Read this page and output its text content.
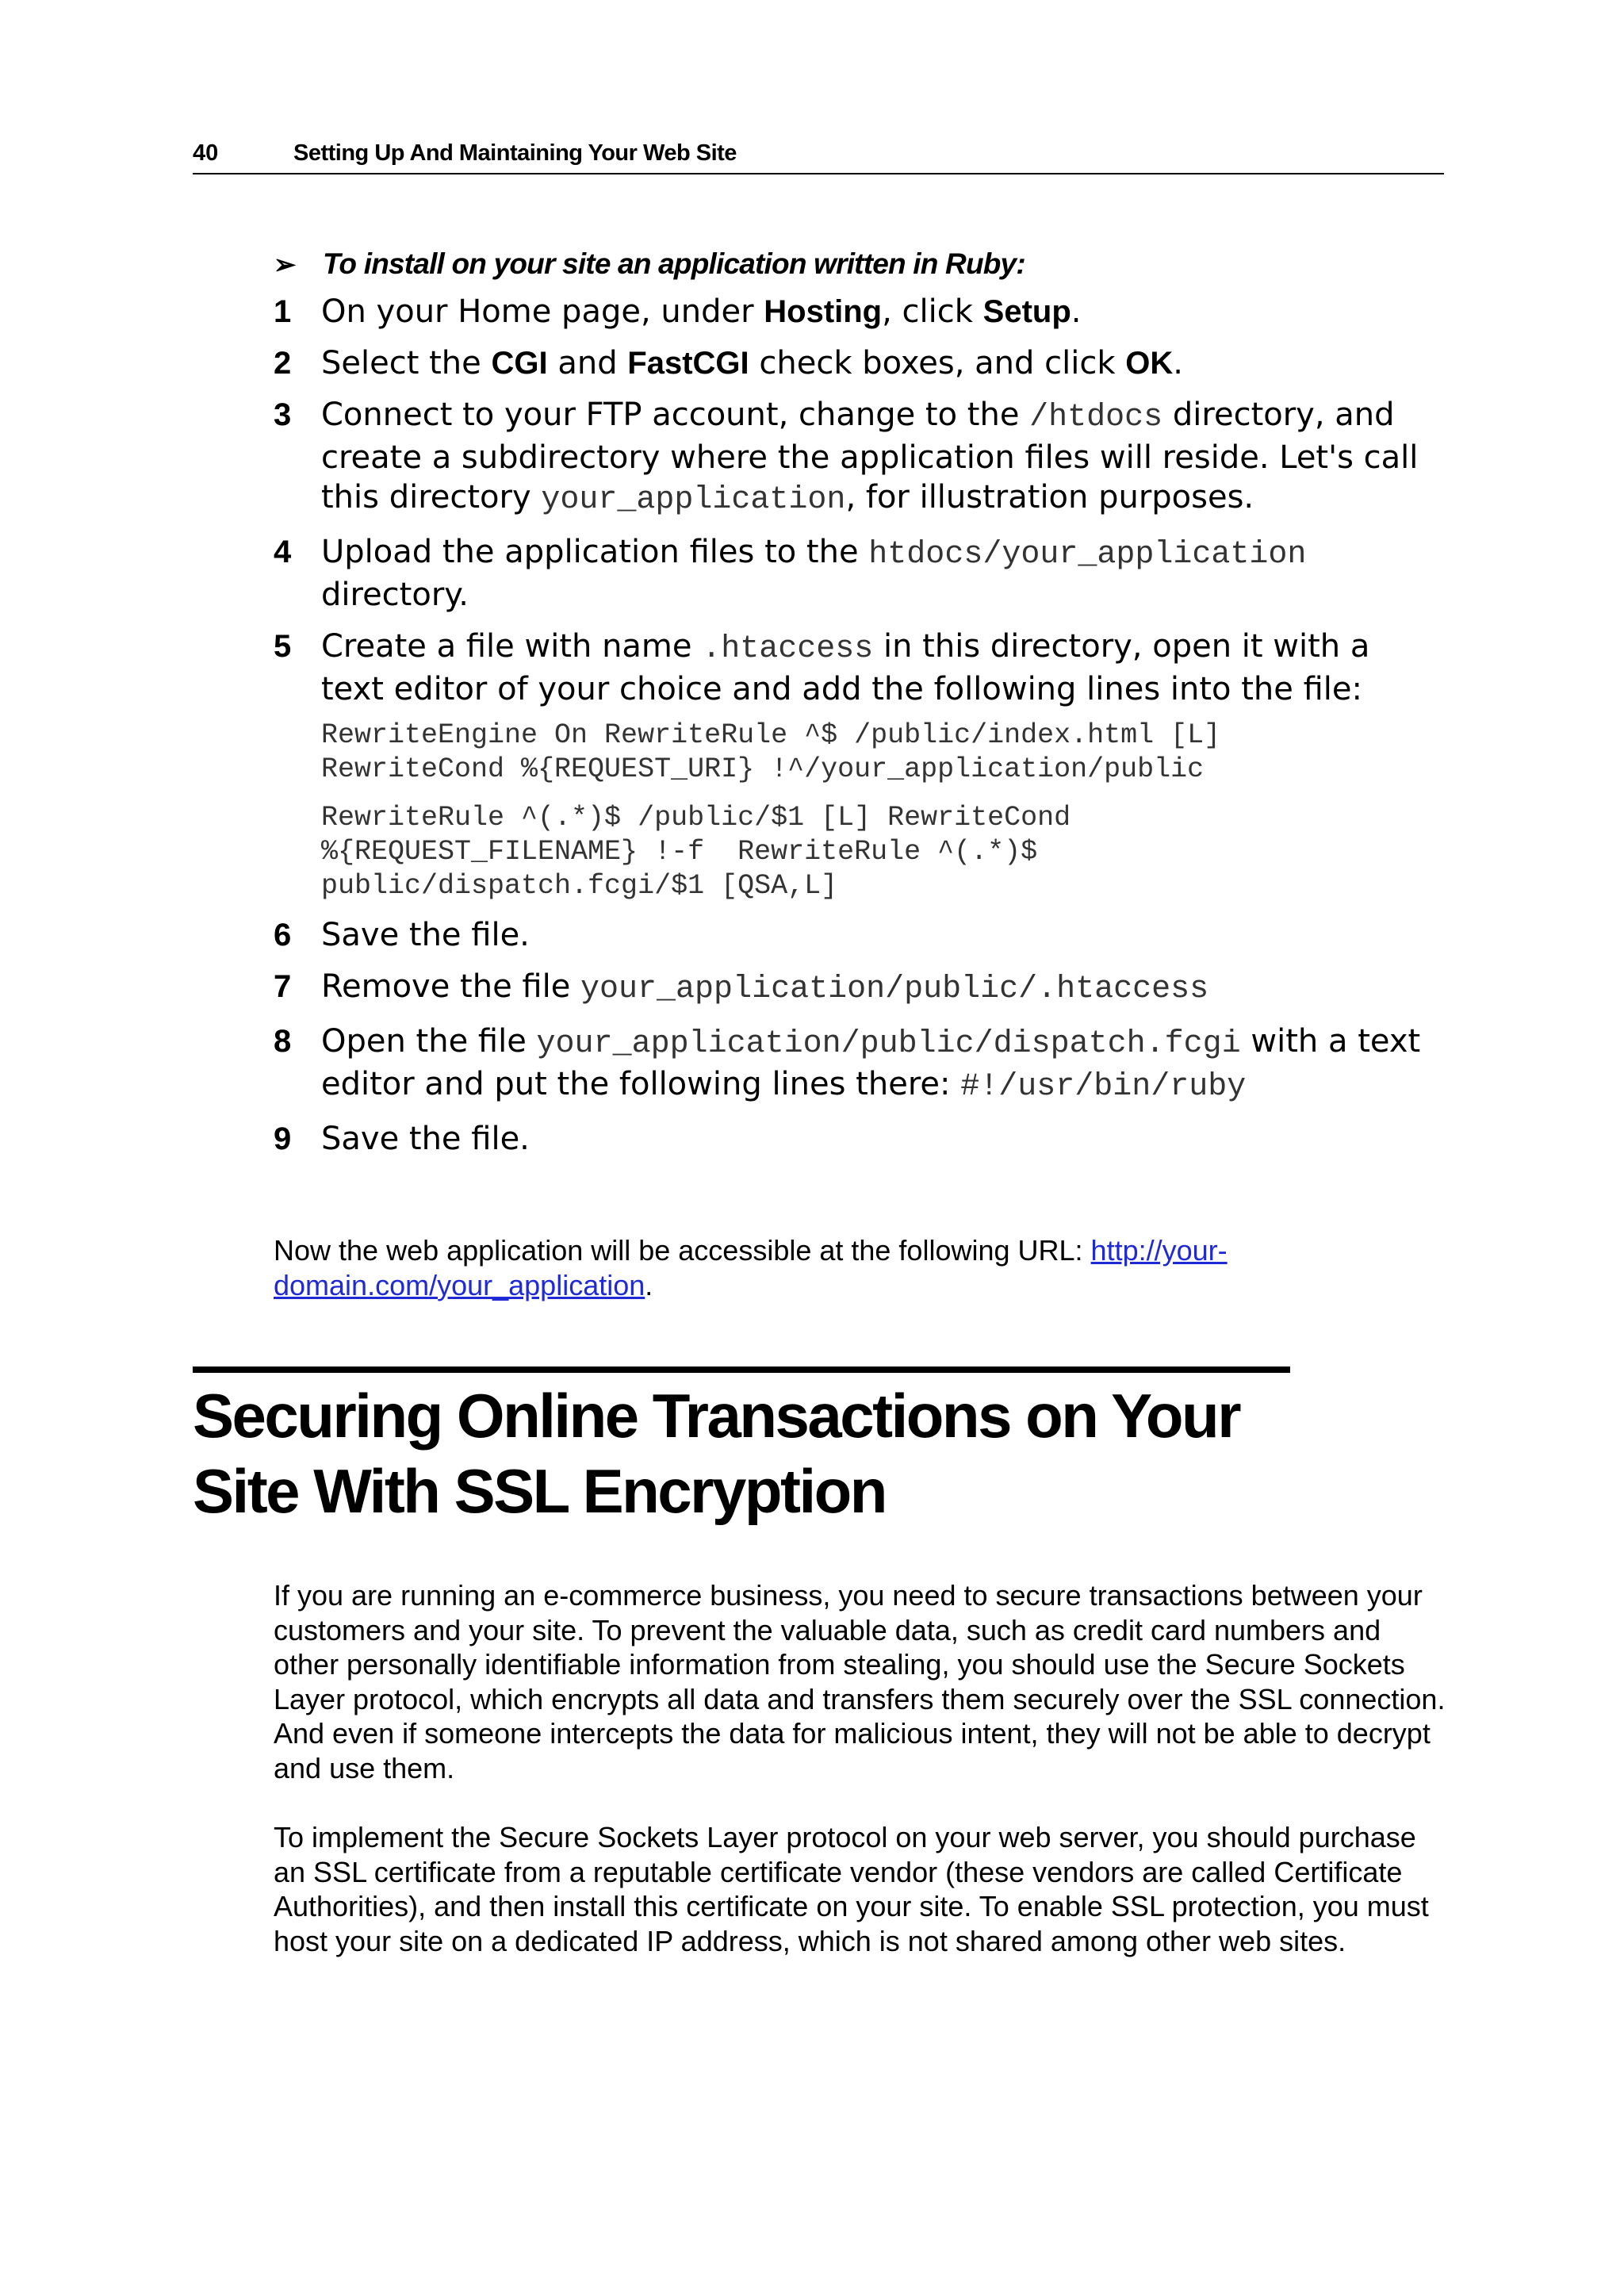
40	Setting Up And Maintaining Your Web Site
➢ To install on your site an application written in Ruby:
1 On your Home page, under Hosting, click Setup.
2 Select the CGI and FastCGI check boxes, and click OK.
3 Connect to your FTP account, change to the /htdocs directory, and create a subdirectory where the application files will reside. Let's call this directory your_application, for illustration purposes.
4 Upload the application files to the htdocs/your_application directory.
5 Create a file with name .htaccess in this directory, open it with a text editor of your choice and add the following lines into the file:
RewriteEngine On RewriteRule ^$ /public/index.html [L]
RewriteCond %{REQUEST_URI} !^/your_application/public
RewriteRule ^(.*)$ /public/$1 [L] RewriteCond
%{REQUEST_FILENAME} !-f  RewriteRule ^(.*)$
public/dispatch.fcgi/$1 [QSA,L]
6 Save the file.
7 Remove the file your_application/public/.htaccess
8 Open the file your_application/public/dispatch.fcgi with a text editor and put the following lines there: #!/usr/bin/ruby
9 Save the file.
Now the web application will be accessible at the following URL: http://your-domain.com/your_application.
Securing Online Transactions on Your
Site With SSL Encryption
If you are running an e-commerce business, you need to secure transactions between your customers and your site. To prevent the valuable data, such as credit card numbers and other personally identifiable information from stealing, you should use the Secure Sockets Layer protocol, which encrypts all data and transfers them securely over the SSL connection. And even if someone intercepts the data for malicious intent, they will not be able to decrypt and use them.
To implement the Secure Sockets Layer protocol on your web server, you should purchase an SSL certificate from a reputable certificate vendor (these vendors are called Certificate Authorities), and then install this certificate on your site. To enable SSL protection, you must host your site on a dedicated IP address, which is not shared among other web sites.
